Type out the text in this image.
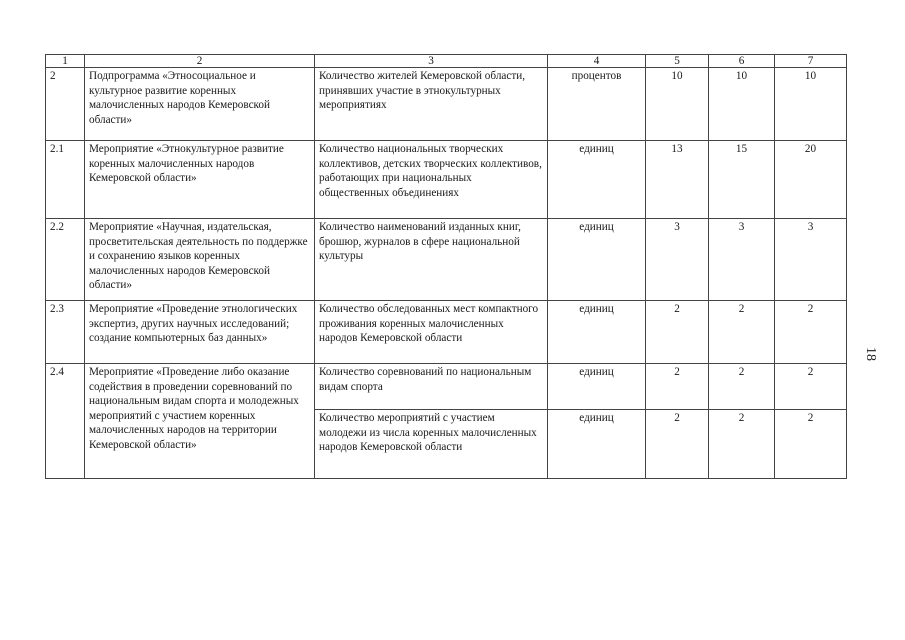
1	2	3	4	5	6	7
2	Подпрограмма «Этносоциальное и культурное развитие коренных малочисленных народов Кемеровской области»	Количество жителей Кемеровской области, принявших участие в этнокультурных мероприятиях	процентов	10	10	10
2.1	Мероприятие «Этнокультурное развитие коренных малочисленных народов Кемеровской области»	Количество национальных творческих коллективов, детских творческих коллективов, работающих при национальных общественных объединениях	единиц	13	15	20
2.2	Мероприятие «Научная, издательская, просветительская деятельность по поддержке и сохранению языков коренных малочисленных народов Кемеровской области»	Количество наименований изданных книг, брошюр, журналов в сфере национальной культуры	единиц	3	3	3
2.3	Мероприятие «Проведение этнологических экспертиз, других научных исследований; создание компьютерных баз данных»	Количество обследованных мест компактного проживания коренных малочисленных народов Кемеровской области	единиц	2	2	2
2.4	Мероприятие «Проведение либо оказание содействия в проведении соревнований по национальным видам спорта и молодежных мероприятий с участием коренных малочисленных народов на территории Кемеровской области»	Количество соревнований по национальным видам спорта	единиц	2	2	2
		Количество мероприятий с участием молодежи из числа коренных малочисленных народов Кемеровской области	единиц	2	2	2
18
